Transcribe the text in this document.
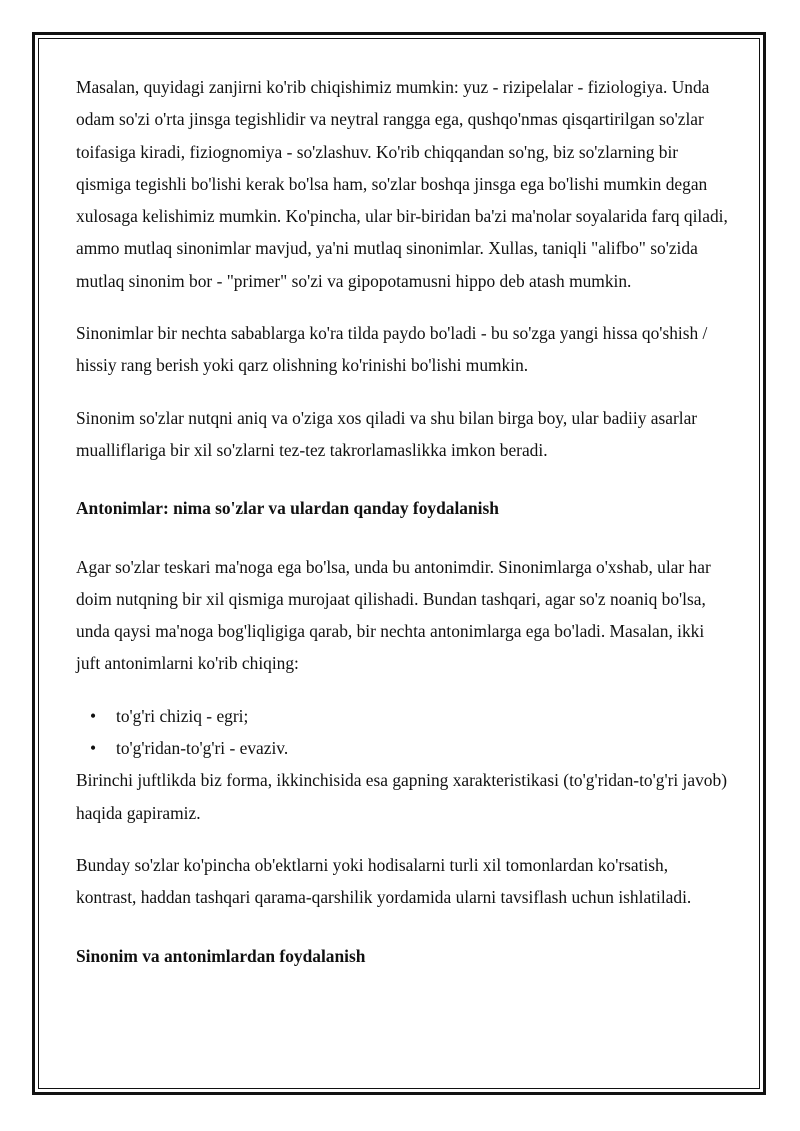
Masalan, quyidagi zanjirni ko'rib chiqishimiz mumkin: yuz - rizipelalar - fiziologiya. Unda odam so'zi o'rta jinsga tegishlidir va neytral rangga ega, qushqo'nmas qisqartirilgan so'zlar toifasiga kiradi, fiziognomiya - so'zlashuv. Ko'rib chiqqandan so'ng, biz so'zlarning bir qismiga tegishli bo'lishi kerak bo'lsa ham, so'zlar boshqa jinsga ega bo'lishi mumkin degan xulosaga kelishimiz mumkin. Ko'pincha, ular bir-biridan ba'zi ma'nolar soyalarida farq qiladi, ammo mutlaq sinonimlar mavjud, ya'ni mutlaq sinonimlar. Xullas, taniqli "alifbo" so'zida mutlaq sinonim bor - "primer" so'zi va gipopotamusni hippo deb atash mumkin.

Sinonimlar bir nechta sabablarga ko'ra tilda paydo bo'ladi - bu so'zga yangi hissa qo'shish / hissiy rang berish yoki qarz olishning ko'rinishi bo'lishi mumkin.

Sinonim so'zlar nutqni aniq va o'ziga xos qiladi va shu bilan birga boy, ular badiiy asarlar mualliflariga bir xil so'zlarni tez-tez takrorlamaslikka imkon beradi.

Antonimlar: nima so'zlar va ulardan qanday foydalanish

Agar so'zlar teskari ma'noga ega bo'lsa, unda bu antonimdir. Sinonimlarga o'xshab, ular har doim nutqning bir xil qismiga murojaat qilishadi. Bundan tashqari, agar so'z noaniq bo'lsa, unda qaysi ma'noga bog'liqligiga qarab, bir nechta antonimlarga ega bo'ladi. Masalan, ikki juft antonimlarni ko'rib chiqing:

• to'g'ri chiziq - egri;
• to'g'ridan-to'g'ri - evaziv.

Birinchi juftlikda biz forma, ikkinchisida esa gapning xarakteristikasi (to'g'ridan-to'g'ri javob) haqida gapiramiz.

Bunday so'zlar ko'pincha ob'ektlarni yoki hodisalarni turli xil tomonlardan ko'rsatish, kontrast, haddan tashqari qarama-qarshilik yordamida ularni tavsiflash uchun ishlatiladi.

Sinonim va antonimlardan foydalanish
